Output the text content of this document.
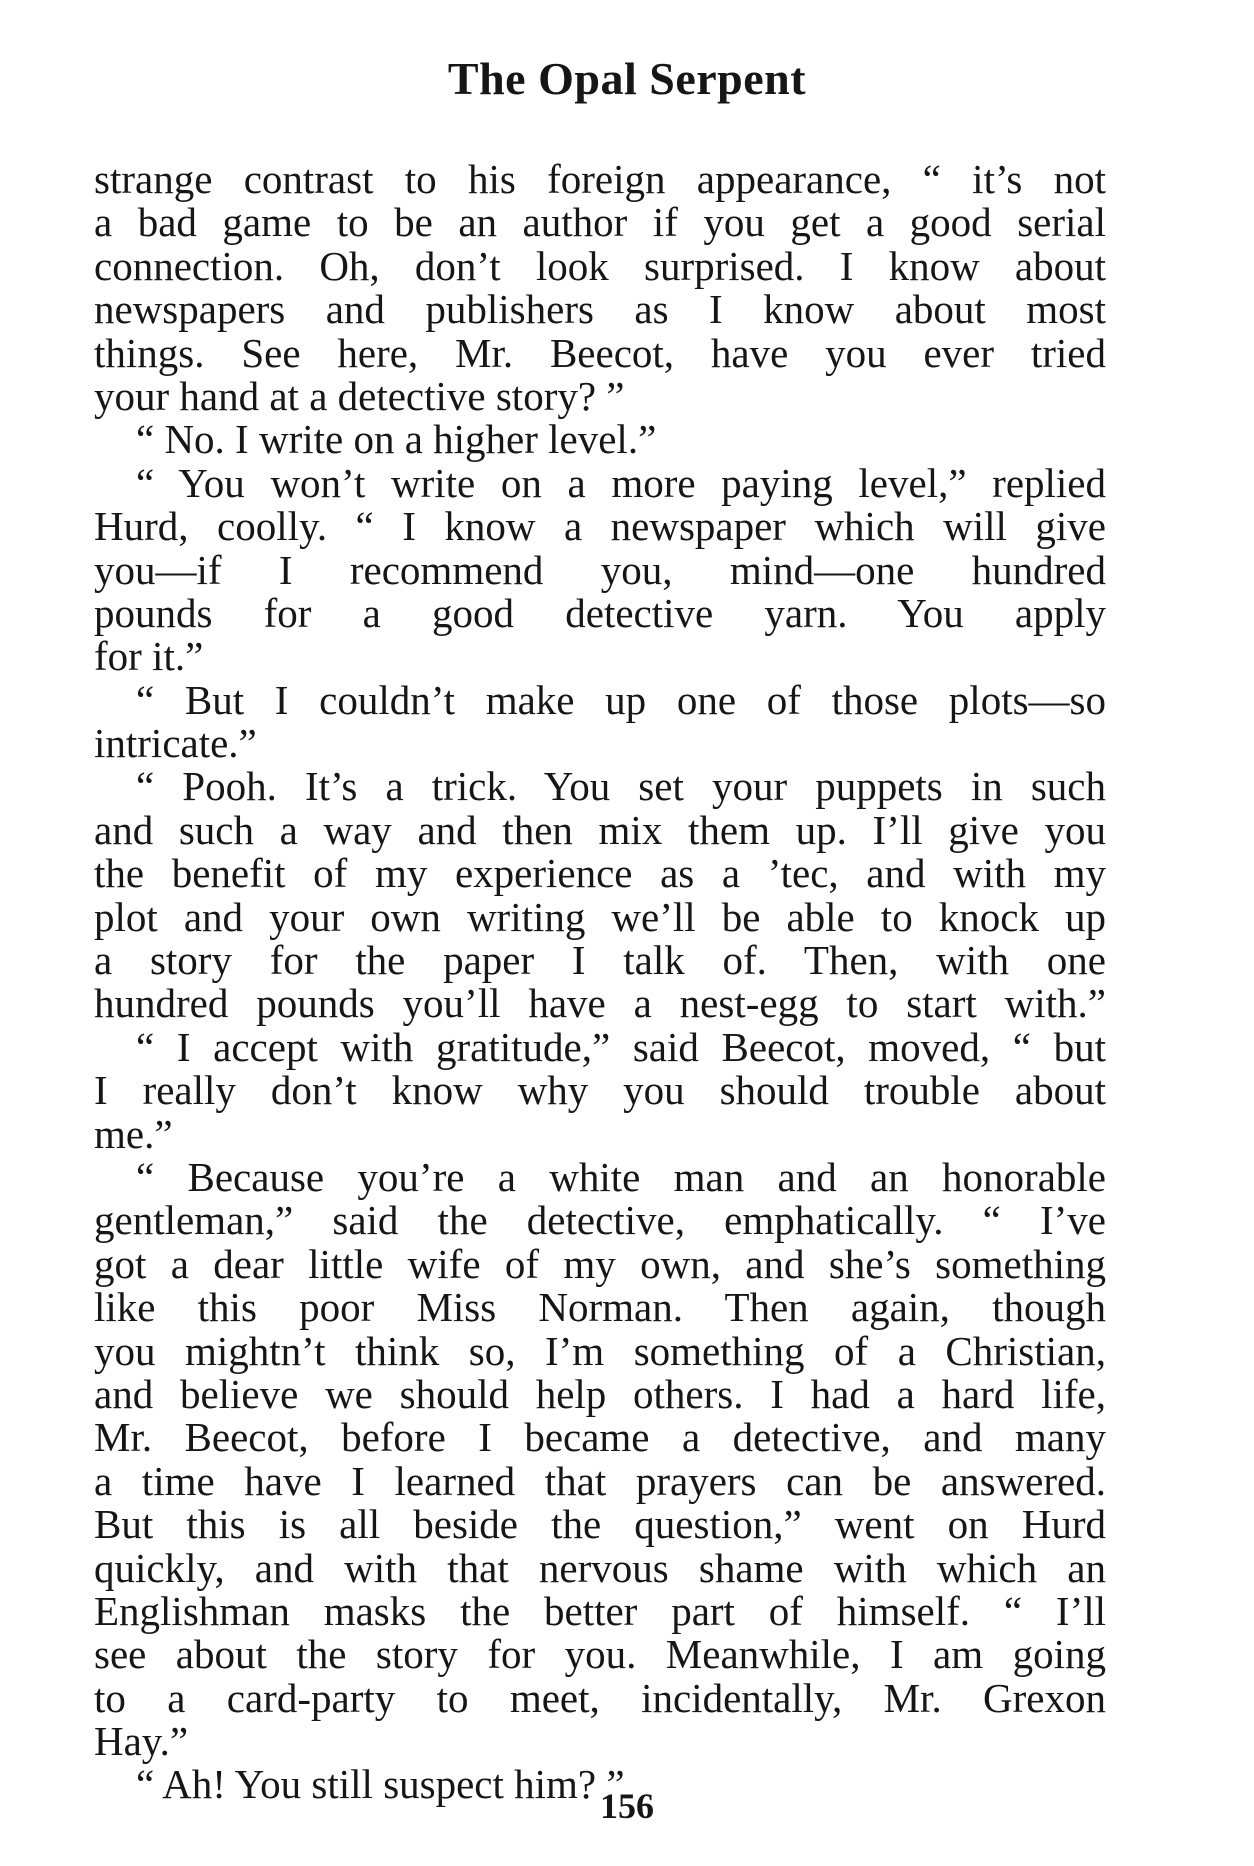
The Opal Serpent
strange contrast to his foreign appearance, “ it’s not
a bad game to be an author if you get a good serial
connection. Oh, don’t look surprised. I know about
newspapers and publishers as I know about most
things. See here, Mr. Beecot, have you ever tried
your hand at a detective story? ”
“ No. I write on a higher level.”
“ You won’t write on a more paying level,” replied
Hurd, coolly. “ I know a newspaper which will give
you—if I recommend you, mind—one hundred
pounds for a good detective yarn. You apply
for it.”
“ But I couldn’t make up one of those plots—so
intricate.”
“ Pooh. It’s a trick. You set your puppets in such
and such a way and then mix them up. I’ll give you
the benefit of my experience as a ’tec, and with my
plot and your own writing we’ll be able to knock up
a story for the paper I talk of. Then, with one
hundred pounds you’ll have a nest-egg to start with.”
“ I accept with gratitude,” said Beecot, moved, “ but
I really don’t know why you should trouble about
me.”
“ Because you’re a white man and an honorable
gentleman,” said the detective, emphatically. “ I’ve
got a dear little wife of my own, and she’s something
like this poor Miss Norman. Then again, though
you mightn’t think so, I’m something of a Christian,
and believe we should help others. I had a hard life,
Mr. Beecot, before I became a detective, and many
a time have I learned that prayers can be answered.
But this is all beside the question,” went on Hurd
quickly, and with that nervous shame with which an
Englishman masks the better part of himself. “ I’ll
see about the story for you. Meanwhile, I am going
to a card-party to meet, incidentally, Mr. Grexon
Hay.”
“ Ah! You still suspect him? ”
156
